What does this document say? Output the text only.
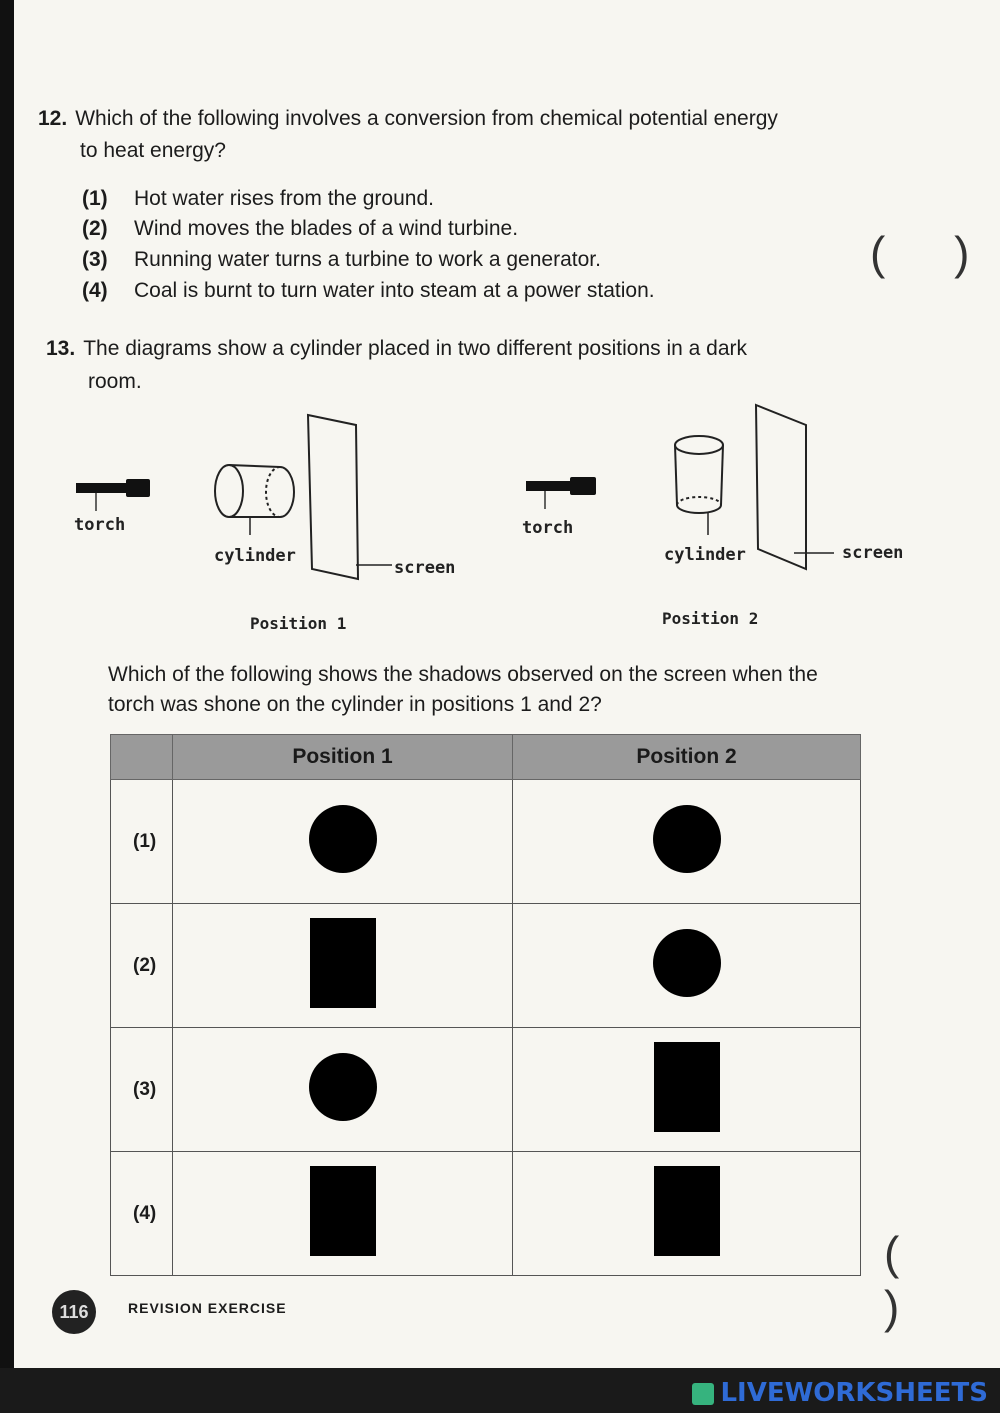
12. Which of the following involves a conversion from chemical potential energy
to heat energy?
(1) Hot water rises from the ground.
(2) Wind moves the blades of a wind turbine.
(3) Running water turns a turbine to work a generator.
(4) Coal is burnt to turn water into steam at a power station.
( )
13. The diagrams show a cylinder placed in two different positions in a dark
room.
torch
cylinder
screen
Position 1
torch
cylinder	screen
Position 2
Which of the following shows the shadows observed on the screen when the
torch was shone on the cylinder in positions 1 and 2?
	Position 1	Position 2
(1)		
(2)		
(3)		
(4)		
( )
116	REVISION EXERCISE
LIVEWORKSHEETS
